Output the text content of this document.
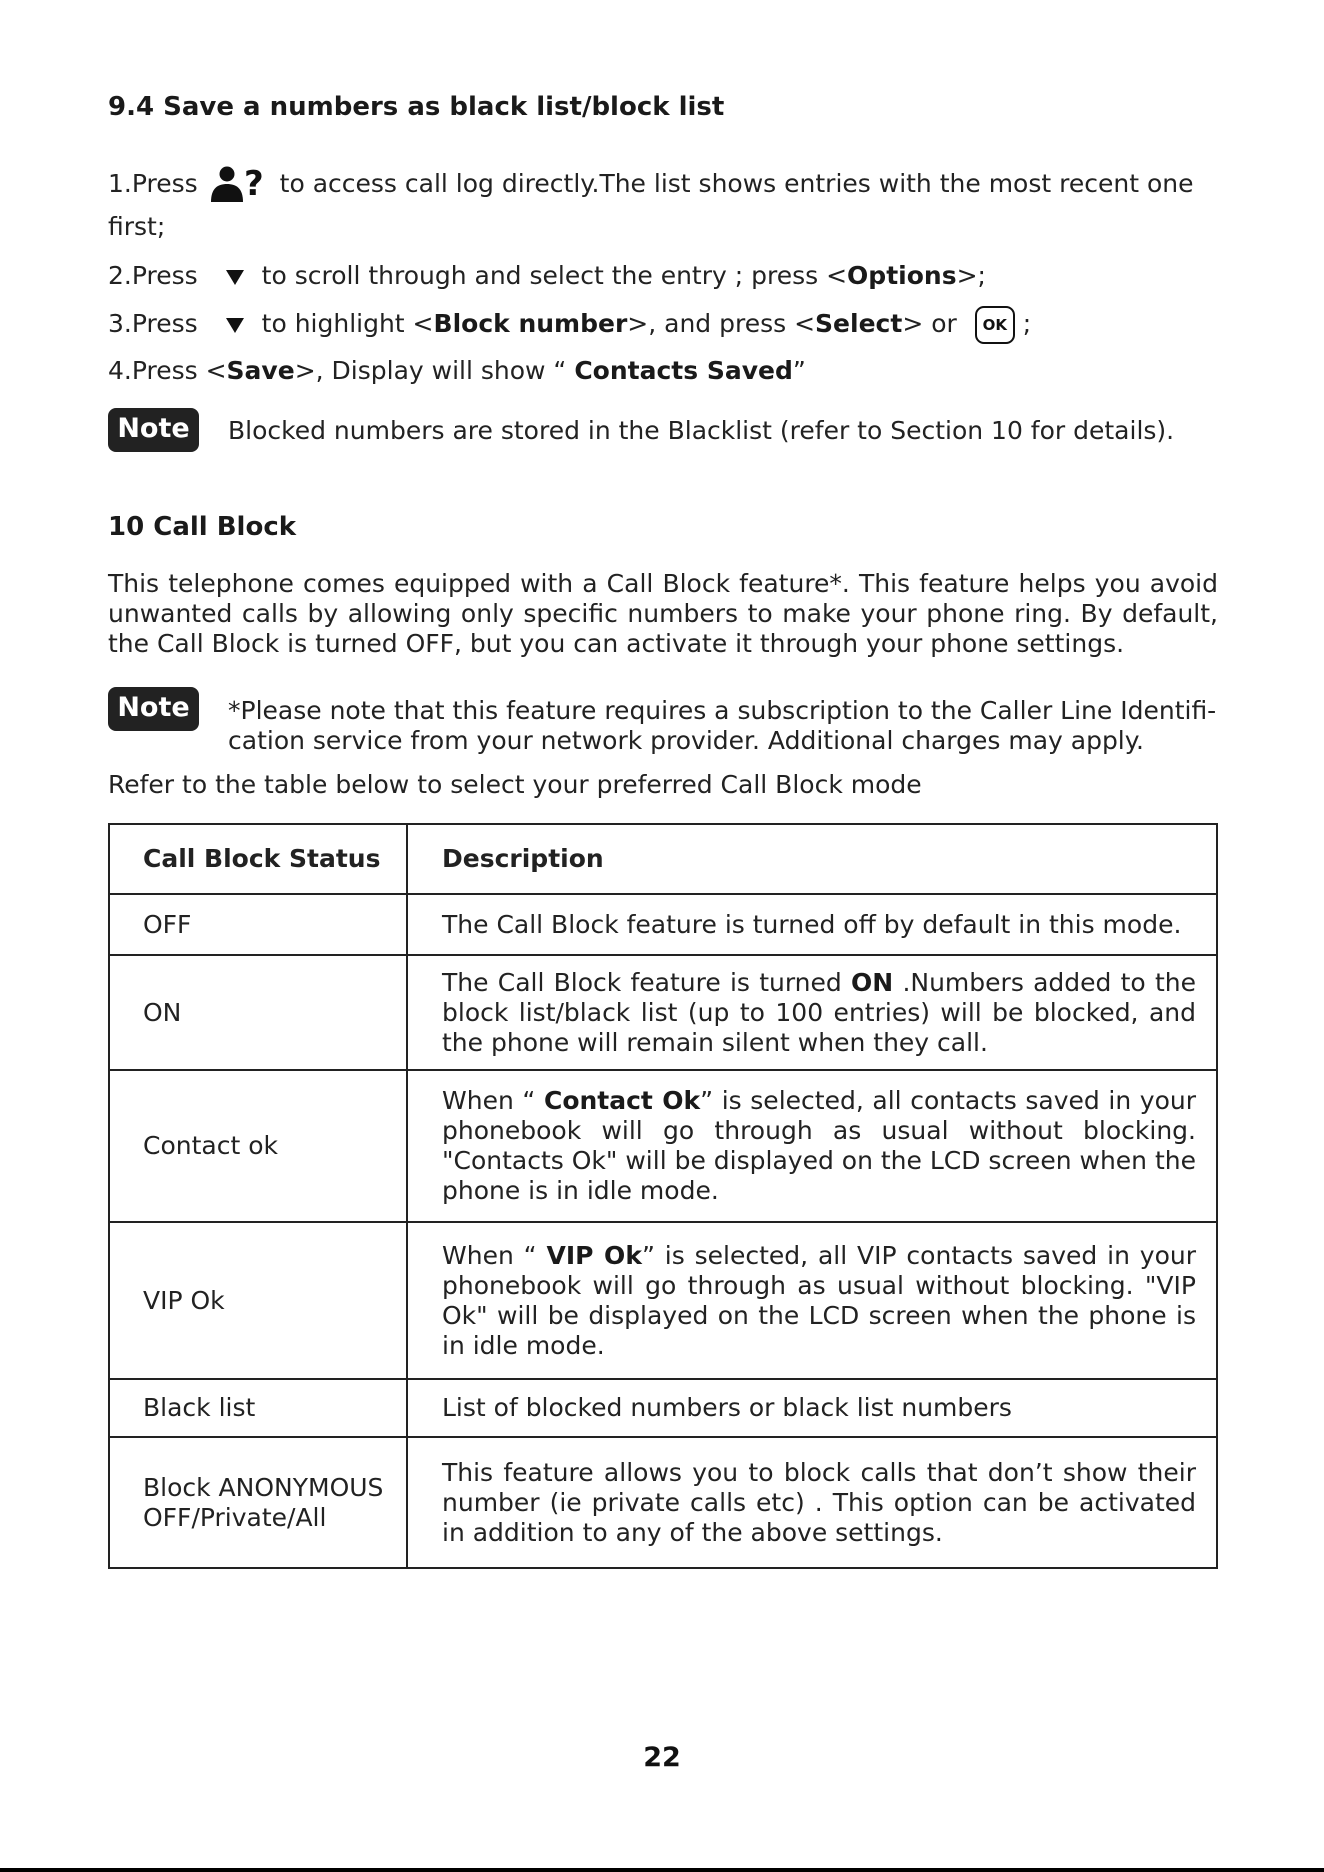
9.4 Save a numbers as black list/block list
1.Press ? to access call log directly.The list shows entries with the most recent one
first;
2.Press	to scroll through and select the entry ; press <Options>;
3.Press	to highlight <Block number>, and press <Select> or OK ;
4.Press <Save>, Display will show “ Contacts Saved”
Note	Blocked numbers are stored in the Blacklist (refer to Section 10 for details).
10 Call Block

This telephone comes equipped with a Call Block feature*. This feature helps you avoid unwanted calls by allowing only specific numbers to make your phone ring. By default, the Call Block is turned OFF, but you can activate it through your phone settings.

Note	*Please note that this feature requires a subscription to the Caller Line Identifi-
cation service from your network provider. Additional charges may apply.
Refer to the table below to select your preferred Call Block mode
Call Block Status	Description
OFF	The Call Block feature is turned off by default in this mode.
ON	The Call Block feature is turned ON .Numbers added to the block list/black list (up to 100 entries) will be blocked, and the phone will remain silent when they call.
Contact ok	When “ Contact Ok” is selected, all contacts saved in your phonebook will go through as usual without blocking. "Contacts Ok" will be displayed on the LCD screen when the phone is in idle mode.
VIP Ok	When “ VIP Ok” is selected, all VIP contacts saved in your phonebook will go through as usual without blocking. "VIP Ok" will be displayed on the LCD screen when the phone is in idle mode.
Black list	List of blocked numbers or black list numbers

Block ANONYMOUS
OFF/Private/All	This feature allows you to block calls that don’t show their number (ie private calls etc) . This option can be activated in addition to any of the above settings.
22
